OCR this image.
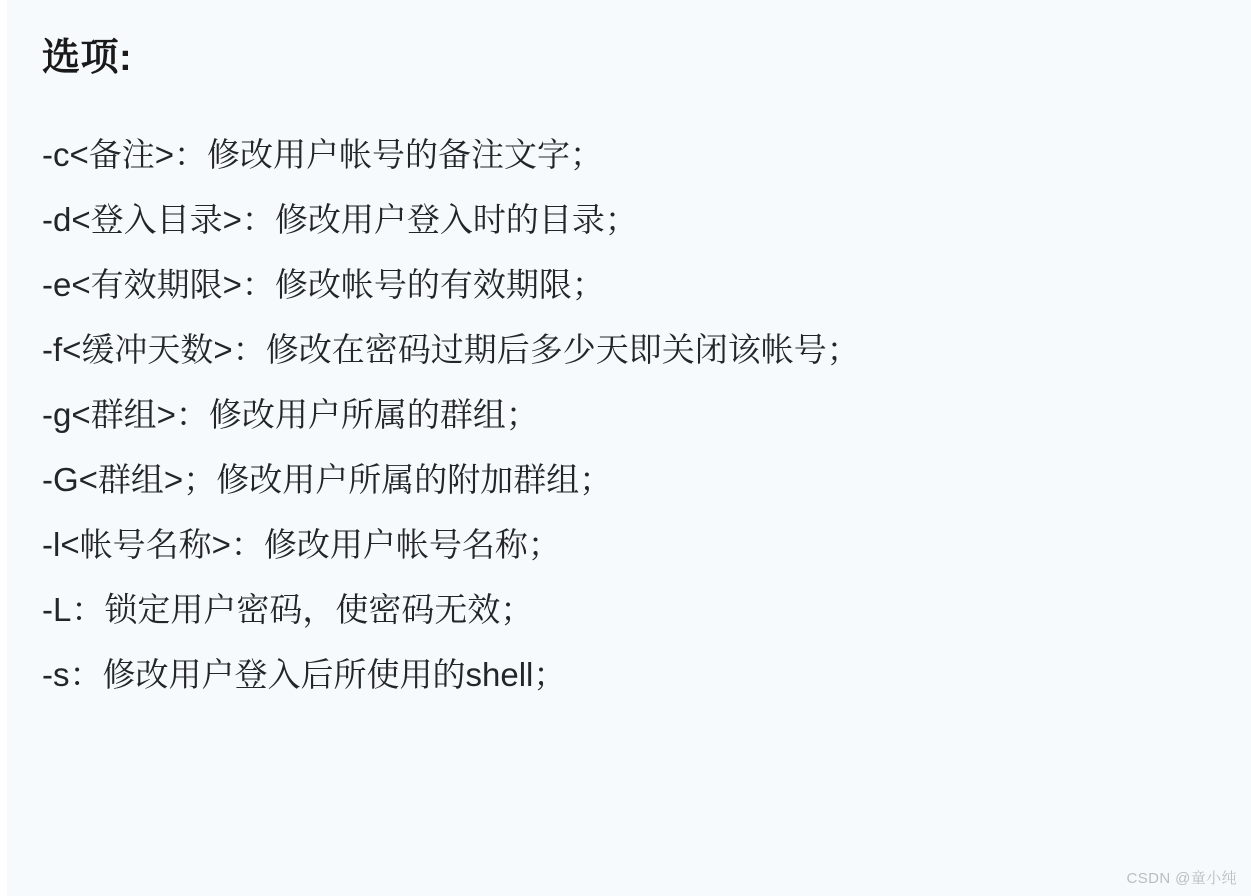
选项:
-c<备注>：修改用户帐号的备注文字；
-d<登入目录>：修改用户登入时的目录；
-e<有效期限>：修改帐号的有效期限；
-f<缓冲天数>：修改在密码过期后多少天即关闭该帐号；
-g<群组>：修改用户所属的群组；
-G<群组>；修改用户所属的附加群组；
-l<帐号名称>：修改用户帐号名称；
-L：锁定用户密码，使密码无效；
-s：修改用户登入后所使用的shell；
CSDN @童小纯
